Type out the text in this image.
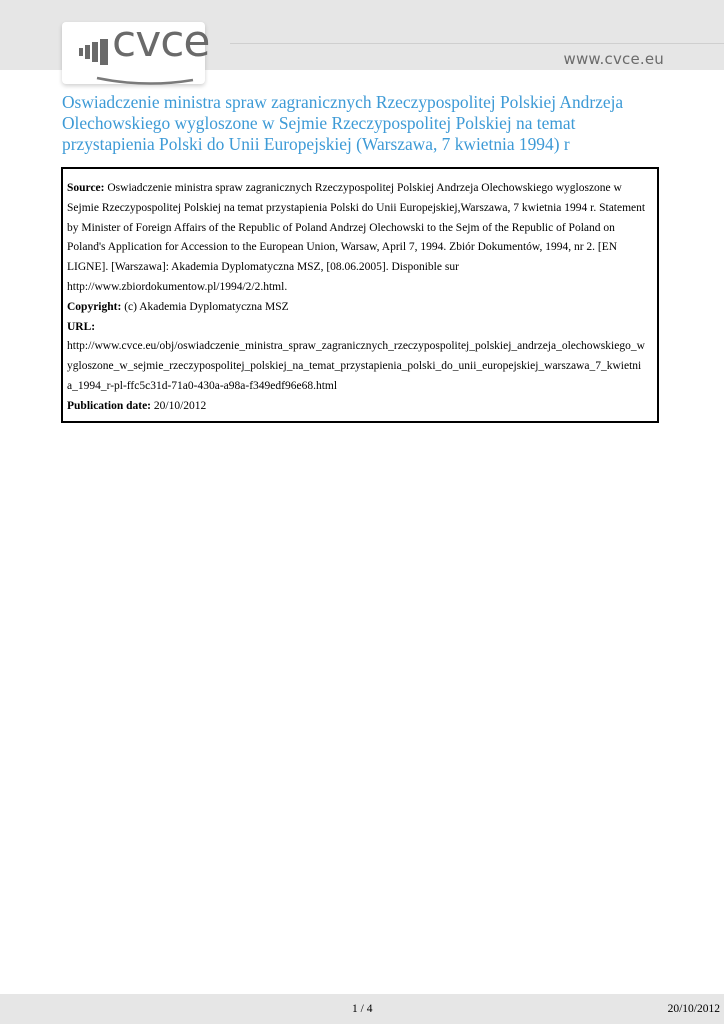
cvce	www.cvce.eu
Oswiadczenie ministra spraw zagranicznych Rzeczypospolitej Polskiej Andrzeja Olechowskiego wygloszone w Sejmie Rzeczypospolitej Polskiej na temat przystapienia Polski do Unii Europejskiej (Warszawa, 7 kwietnia 1994) r

Source: Oswiadczenie ministra spraw zagranicznych Rzeczypospolitej Polskiej Andrzeja Olechowskiego wygloszone w Sejmie Rzeczypospolitej Polskiej na temat przystapienia Polski do Unii Europejskiej,Warszawa, 7 kwietnia 1994 r. Statement by Minister of Foreign Affairs of the Republic of Poland Andrzej Olechowski to the Sejm of the Republic of Poland on Poland's Application for Accession to the European Union, Warsaw, April 7, 1994. Zbiór Dokumentów, 1994, nr 2. [EN LIGNE]. [Warszawa]: Akademia Dyplomatyczna MSZ, [08.06.2005]. Disponible sur http://www.zbiordokumentow.pl/1994/2/2.html.

Copyright: (c) Akademia Dyplomatyczna MSZ

URL:

http://www.cvce.eu/obj/oswiadczenie_ministra_spraw_zagranicznych_rzeczypospolitej_polskiej_andrzeja_olechowskiego_wygloszone_w_sejmie_rzeczypospolitej_polskiej_na_temat_przystapienia_polski_do_unii_europejskiej_warszawa_7_kwietnia_1994_r-pl-ffc5c31d-71a0-430a-a98a-f349edf96e68.html

Publication date: 20/10/2012

1 / 4	20/10/2012
